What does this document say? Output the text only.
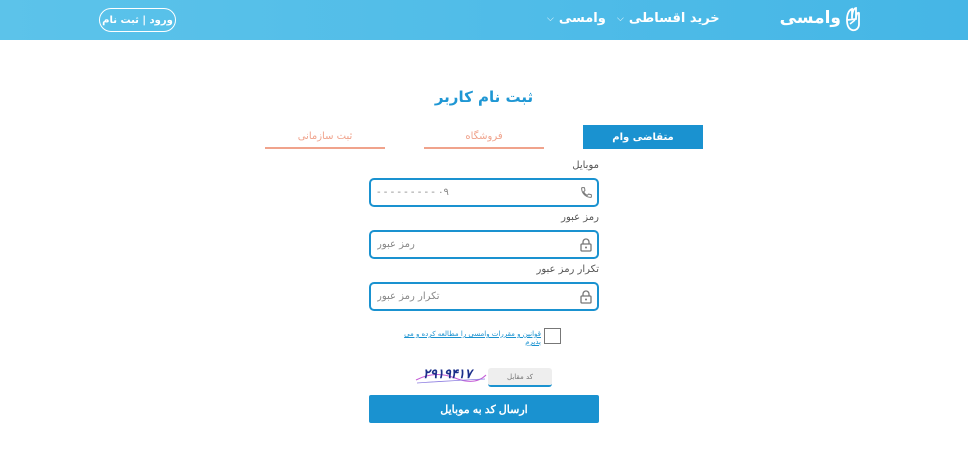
وامسی
خرید اقساطی
⌵
وامسی
⌵
ورود | ثبت نام
ثبت نام کاربر
متقاضی وام
فروشگاه
ثبت سازمانی
موبایل
۰۹ - - - - - - - - -
رمز عبور
تکرار رمز عبور
قوانین و مقررات وامسی را مطالعه کرده و می پذیرم
۲۹۱۹۴۱۷
کد مقابل
ارسال کد به موبایل
